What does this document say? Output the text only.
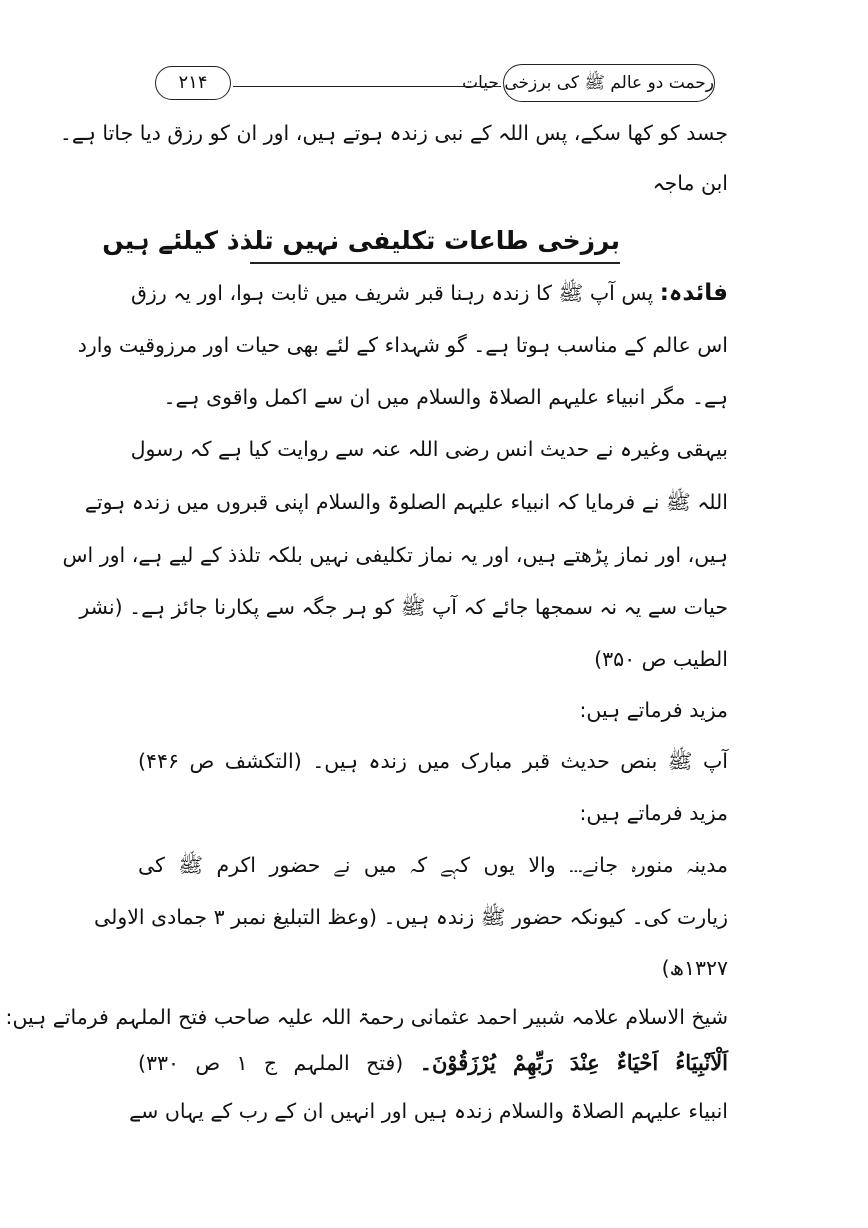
رحمت دو عالم ﷺ کی برزخی حیات
۲۱۴
جسد کو کھا سکے، پس اللہ کے نبی زندہ ہوتے ہیں، اور ان کو رزق دیا جاتا ہے۔
ابن ماجہ
برزخی طاعات تکلیفی نہیں تلذذ کیلئے ہیں
فائدہ: پس آپ ﷺ کا زندہ رہنا قبر شریف میں ثابت ہوا، اور یہ رزق
اس عالم کے مناسب ہوتا ہے۔ گو شہداء کے لئے بھی حیات اور مرزوقیت وارد
ہے۔ مگر انبیاء علیہم الصلاۃ والسلام میں ان سے اکمل واقوی ہے۔
بیہقی وغیرہ نے حدیث انس رضی اللہ عنہ سے روایت کیا ہے کہ رسول
اللہ ﷺ نے فرمایا کہ انبیاء علیہم الصلوۃ والسلام اپنی قبروں میں زندہ ہوتے
ہیں، اور نماز پڑھتے ہیں، اور یہ نماز تکلیفی نہیں بلکہ تلذذ کے لیے ہے، اور اس
حیات سے یہ نہ سمجھا جائے کہ آپ ﷺ کو ہر جگہ سے پکارنا جائز ہے۔ (نشر
الطیب ص ۳۵۰)
مزید فرماتے ہیں:
آپ ﷺ بنص حدیث قبر مبارک میں زندہ ہیں۔ (التکشف ص ۴۴۶)
مزید فرماتے ہیں:
مدینہ منورہ جانے۔۔۔ والا یوں کہے کہ میں نے حضور اکرم ﷺ کی
زیارت کی۔ کیونکہ حضور ﷺ زندہ ہیں۔ (وعظ التبلیغ نمبر ۳ جمادی الاولی
۱۳۲۷ھ)
شیخ الاسلام علامہ شبیر احمد عثمانی رحمۃ اللہ علیہ صاحب فتح الملہم فرماتے ہیں:
اَلْاَنْبِیَاءُ اَحْیَاءٌ عِنْدَ رَبِّهِمْ یُرْزَقُوْنَ۔ (فتح الملہم ج ۱ ص ۳۳۰)
انبیاء علیہم الصلاۃ والسلام زندہ ہیں اور انہیں ان کے رب کے یہاں سے
